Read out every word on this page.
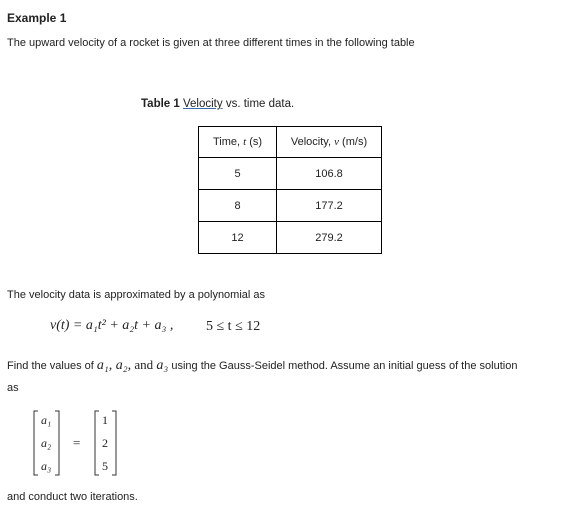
Example 1
The upward velocity of a rocket is given at three different times in the following table
Table 1 Velocity vs. time data.
Time, t (s)	Velocity, v (m/s)
5	106.8
8	177.2
12	279.2
The velocity data is approximated by a polynomial as
v(t) = a₁t² + a₂t + a₃ , 5 ≤ t ≤ 12
Find the values of a₁, a₂, and a₃ using the Gauss-Seidel method. Assume an initial guess of the solution
as
a₁
a₂
a₃
=
1
2
5
and conduct two iterations.
